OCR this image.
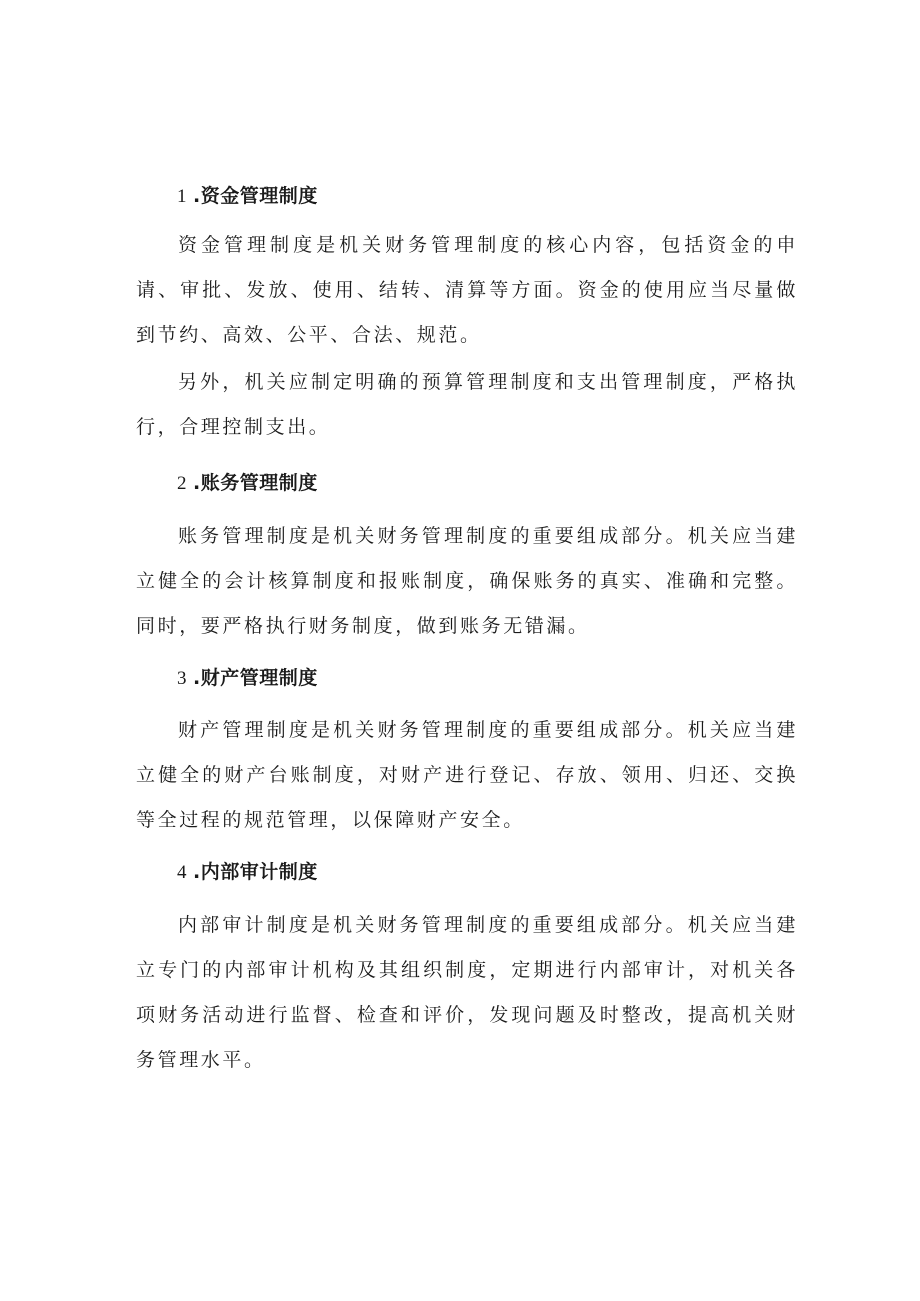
1 .资金管理制度

资金管理制度是机关财务管理制度的核心内容，包括资金的申请、审批、发放、使用、结转、清算等方面。资金的使用应当尽量做到节约、高效、公平、合法、规范。

另外，机关应制定明确的预算管理制度和支出管理制度，严格执行，合理控制支出。

2 .账务管理制度

账务管理制度是机关财务管理制度的重要组成部分。机关应当建立健全的会计核算制度和报账制度，确保账务的真实、准确和完整。同时，要严格执行财务制度，做到账务无错漏。

3 .财产管理制度

财产管理制度是机关财务管理制度的重要组成部分。机关应当建立健全的财产台账制度，对财产进行登记、存放、领用、归还、交换等全过程的规范管理，以保障财产安全。

4 .内部审计制度

内部审计制度是机关财务管理制度的重要组成部分。机关应当建立专门的内部审计机构及其组织制度，定期进行内部审计，对机关各项财务活动进行监督、检查和评价，发现问题及时整改，提高机关财务管理水平。
